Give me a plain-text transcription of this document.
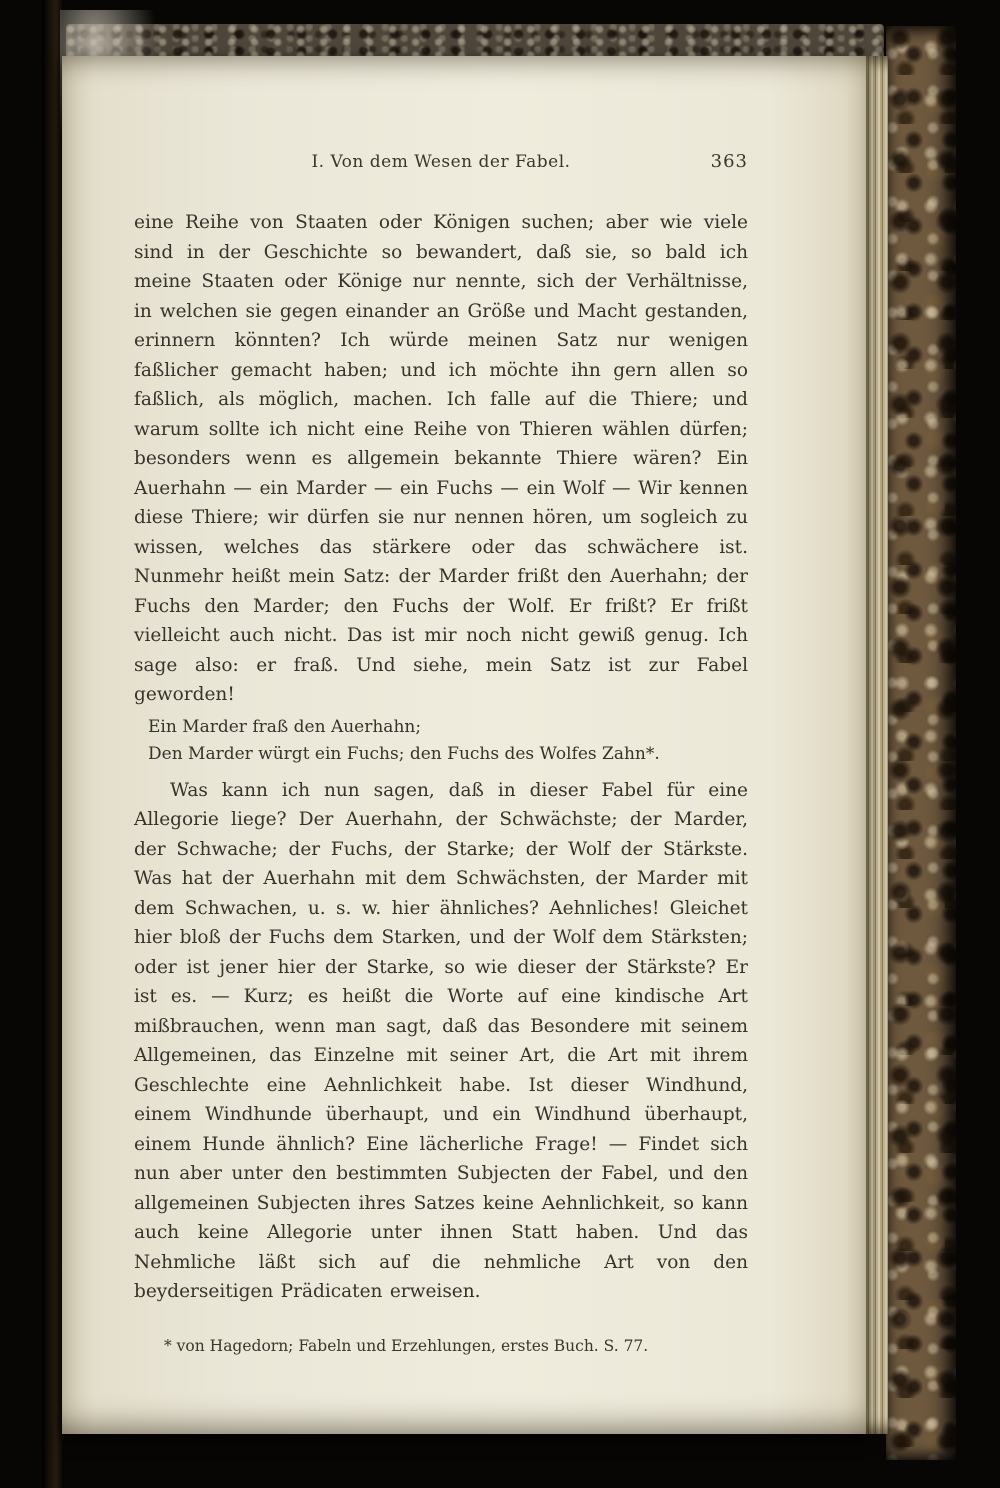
I. Von dem Wesen der Fabel.	363

eine Reihe von Staaten oder Königen suchen; aber wie viele sind in der Geschichte so bewandert, daß sie, so bald ich meine Staaten oder Könige nur nennte, sich der Verhältnisse, in welchen sie gegen einander an Größe und Macht gestanden, erinnern könnten? Ich würde meinen Satz nur wenigen faßlicher gemacht haben; und ich möchte ihn gern allen so faßlich, als möglich, machen. Ich falle auf die Thiere; und warum sollte ich nicht eine Reihe von Thieren wählen dürfen; besonders wenn es allgemein bekannte Thiere wären? Ein Auerhahn — ein Marder — ein Fuchs — ein Wolf — Wir kennen diese Thiere; wir dürfen sie nur nennen hören, um sogleich zu wissen, welches das stärkere oder das schwächere ist. Nunmehr heißt mein Satz: der Marder frißt den Auerhahn; der Fuchs den Marder; den Fuchs der Wolf. Er frißt? Er frißt vielleicht auch nicht. Das ist mir noch nicht gewiß genug. Ich sage also: er fraß. Und siehe, mein Satz ist zur Fabel geworden!

Ein Marder fraß den Auerhahn;

Den Marder würgt ein Fuchs; den Fuchs des Wolfes Zahn*.

Was kann ich nun sagen, daß in dieser Fabel für eine Allegorie liege? Der Auerhahn, der Schwächste; der Marder, der Schwache; der Fuchs, der Starke; der Wolf der Stärkste. Was hat der Auerhahn mit dem Schwächsten, der Marder mit dem Schwachen, u. s. w. hier ähnliches? Aehnliches! Gleichet hier bloß der Fuchs dem Starken, und der Wolf dem Stärksten; oder ist jener hier der Starke, so wie dieser der Stärkste? Er ist es. — Kurz; es heißt die Worte auf eine kindische Art mißbrauchen, wenn man sagt, daß das Besondere mit seinem Allgemeinen, das Einzelne mit seiner Art, die Art mit ihrem Geschlechte eine Aehnlichkeit habe. Ist dieser Windhund, einem Windhunde überhaupt, und ein Windhund überhaupt, einem Hunde ähnlich? Eine lächerliche Frage! — Findet sich nun aber unter den bestimmten Subjecten der Fabel, und den allgemeinen Subjecten ihres Satzes keine Aehnlichkeit, so kann auch keine Allegorie unter ihnen Statt haben. Und das Nehmliche läßt sich auf die nehmliche Art von den beyderseitigen Prädicaten erweisen.

* von Hagedorn; Fabeln und Erzehlungen, erstes Buch. S. 77.
